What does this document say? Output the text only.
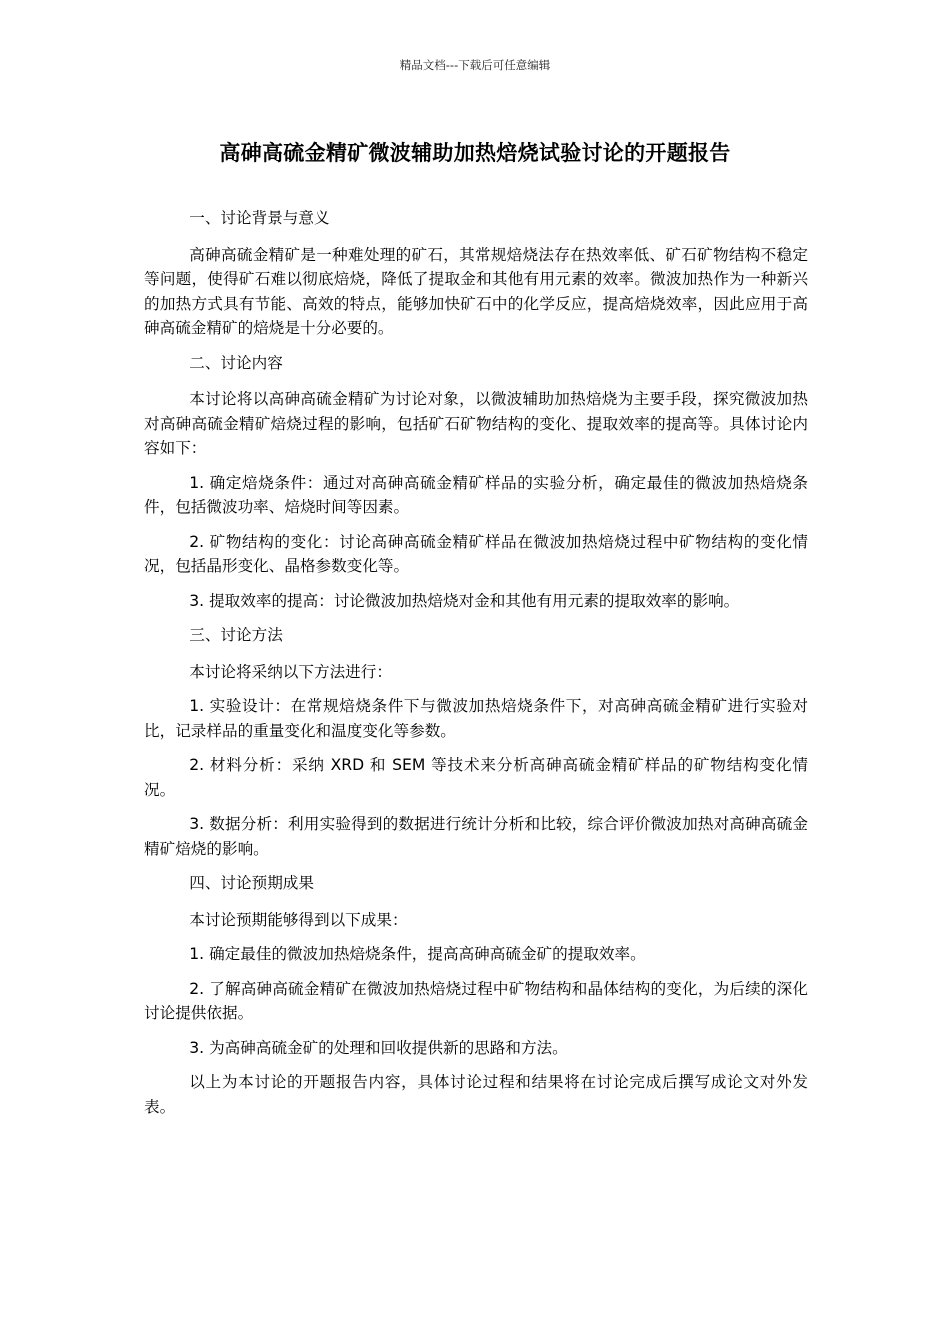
精品文档---下载后可任意编辑
高砷高硫金精矿微波辅助加热焙烧试验讨论的开题报告

一、讨论背景与意义

高砷高硫金精矿是一种难处理的矿石，其常规焙烧法存在热效率低、矿石矿物结构不稳定等问题，使得矿石难以彻底焙烧，降低了提取金和其他有用元素的效率。微波加热作为一种新兴的加热方式具有节能、高效的特点，能够加快矿石中的化学反应，提高焙烧效率，因此应用于高砷高硫金精矿的焙烧是十分必要的。

二、讨论内容

本讨论将以高砷高硫金精矿为讨论对象，以微波辅助加热焙烧为主要手段，探究微波加热对高砷高硫金精矿焙烧过程的影响，包括矿石矿物结构的变化、提取效率的提高等。具体讨论内容如下：

1. 确定焙烧条件：通过对高砷高硫金精矿样品的实验分析，确定最佳的微波加热焙烧条件，包括微波功率、焙烧时间等因素。

2. 矿物结构的变化：讨论高砷高硫金精矿样品在微波加热焙烧过程中矿物结构的变化情况，包括晶形变化、晶格参数变化等。

3. 提取效率的提高：讨论微波加热焙烧对金和其他有用元素的提取效率的影响。

三、讨论方法

本讨论将采纳以下方法进行：

1. 实验设计：在常规焙烧条件下与微波加热焙烧条件下，对高砷高硫金精矿进行实验对比，记录样品的重量变化和温度变化等参数。

2. 材料分析：采纳 XRD 和 SEM 等技术来分析高砷高硫金精矿样品的矿物结构变化情况。

3. 数据分析：利用实验得到的数据进行统计分析和比较，综合评价微波加热对高砷高硫金精矿焙烧的影响。

四、讨论预期成果

本讨论预期能够得到以下成果：

1. 确定最佳的微波加热焙烧条件，提高高砷高硫金矿的提取效率。

2. 了解高砷高硫金精矿在微波加热焙烧过程中矿物结构和晶体结构的变化，为后续的深化讨论提供依据。

3. 为高砷高硫金矿的处理和回收提供新的思路和方法。

以上为本讨论的开题报告内容，具体讨论过程和结果将在讨论完成后撰写成论文对外发表。
